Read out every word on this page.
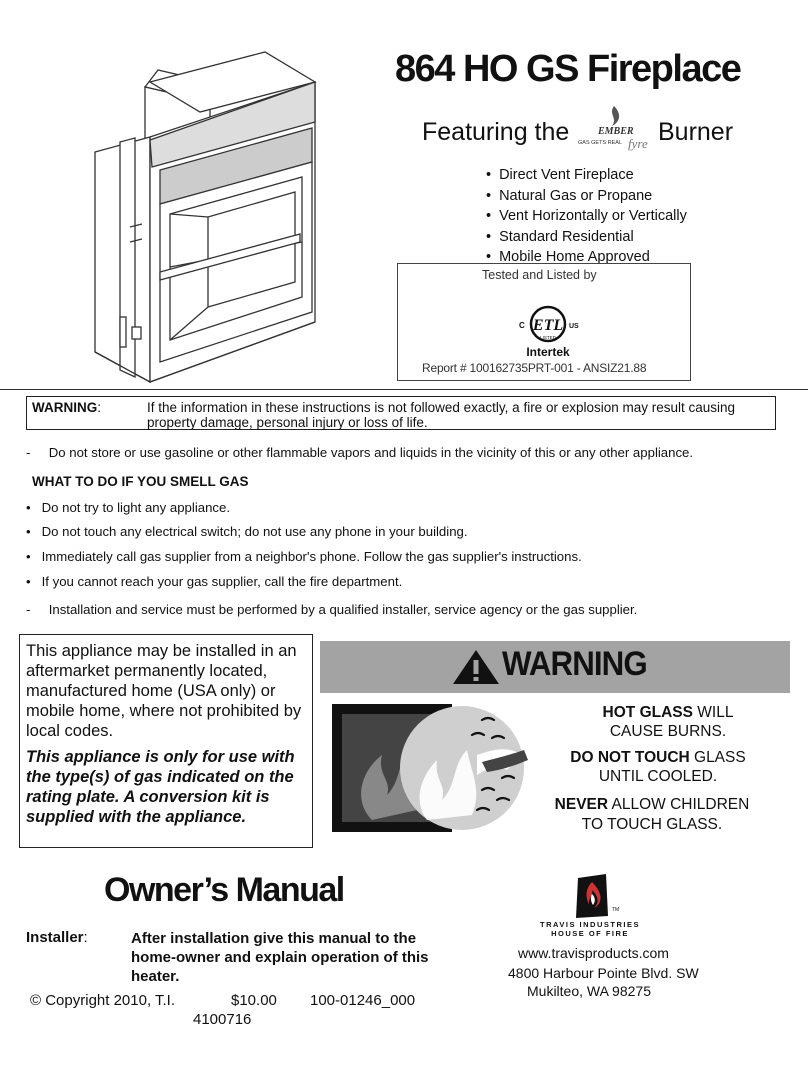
864 HO GS Fireplace
Featuring the	EMBER
GAS GETS REAL fyre Burner
• Direct Vent Fireplace
• Natural Gas or Propane
• Vent Horizontally or Vertically
• Standard Residential
• Mobile Home Approved
Tested and Listed by
ETL
C	US
LISTED
Intertek
Report # 100162735PRT-001 - ANSIZ21.88
WARNING:	If the information in these instructions is not followed exactly, a fire or explosion may result causing property damage, personal injury or loss of life.
-     Do not store or use gasoline or other flammable vapors and liquids in the vicinity of this or any other appliance.
WHAT TO DO IF YOU SMELL GAS
•   Do not try to light any appliance.
•   Do not touch any electrical switch; do not use any phone in your building.
•   Immediately call gas supplier from a neighbor's phone. Follow the gas supplier's instructions.
•   If you cannot reach your gas supplier, call the fire department.
-     Installation and service must be performed by a qualified installer, service agency or the gas supplier.
This appliance may be installed in an aftermarket permanently located, manufactured home (USA only) or mobile home, where not prohibited by local codes.
This appliance is only for use with the type(s) of gas indicated on the rating plate. A conversion kit is supplied with the appliance.
WARNING
HOT GLASS WILL
CAUSE BURNS.
DO NOT TOUCH GLASS
UNTIL COOLED.
NEVER ALLOW CHILDREN
TO TOUCH GLASS.
Owner’s Manual
Installer:	After installation give this manual to the home-owner and explain operation of this heater.
© Copyright 2010, T.I.	$10.00 100-01246_000
4100716
TRAVIS INDUSTRIES
HOUSE OF FIRE
TM
www.travisproducts.com
4800 Harbour Pointe Blvd. SW
Mukilteo, WA 98275
